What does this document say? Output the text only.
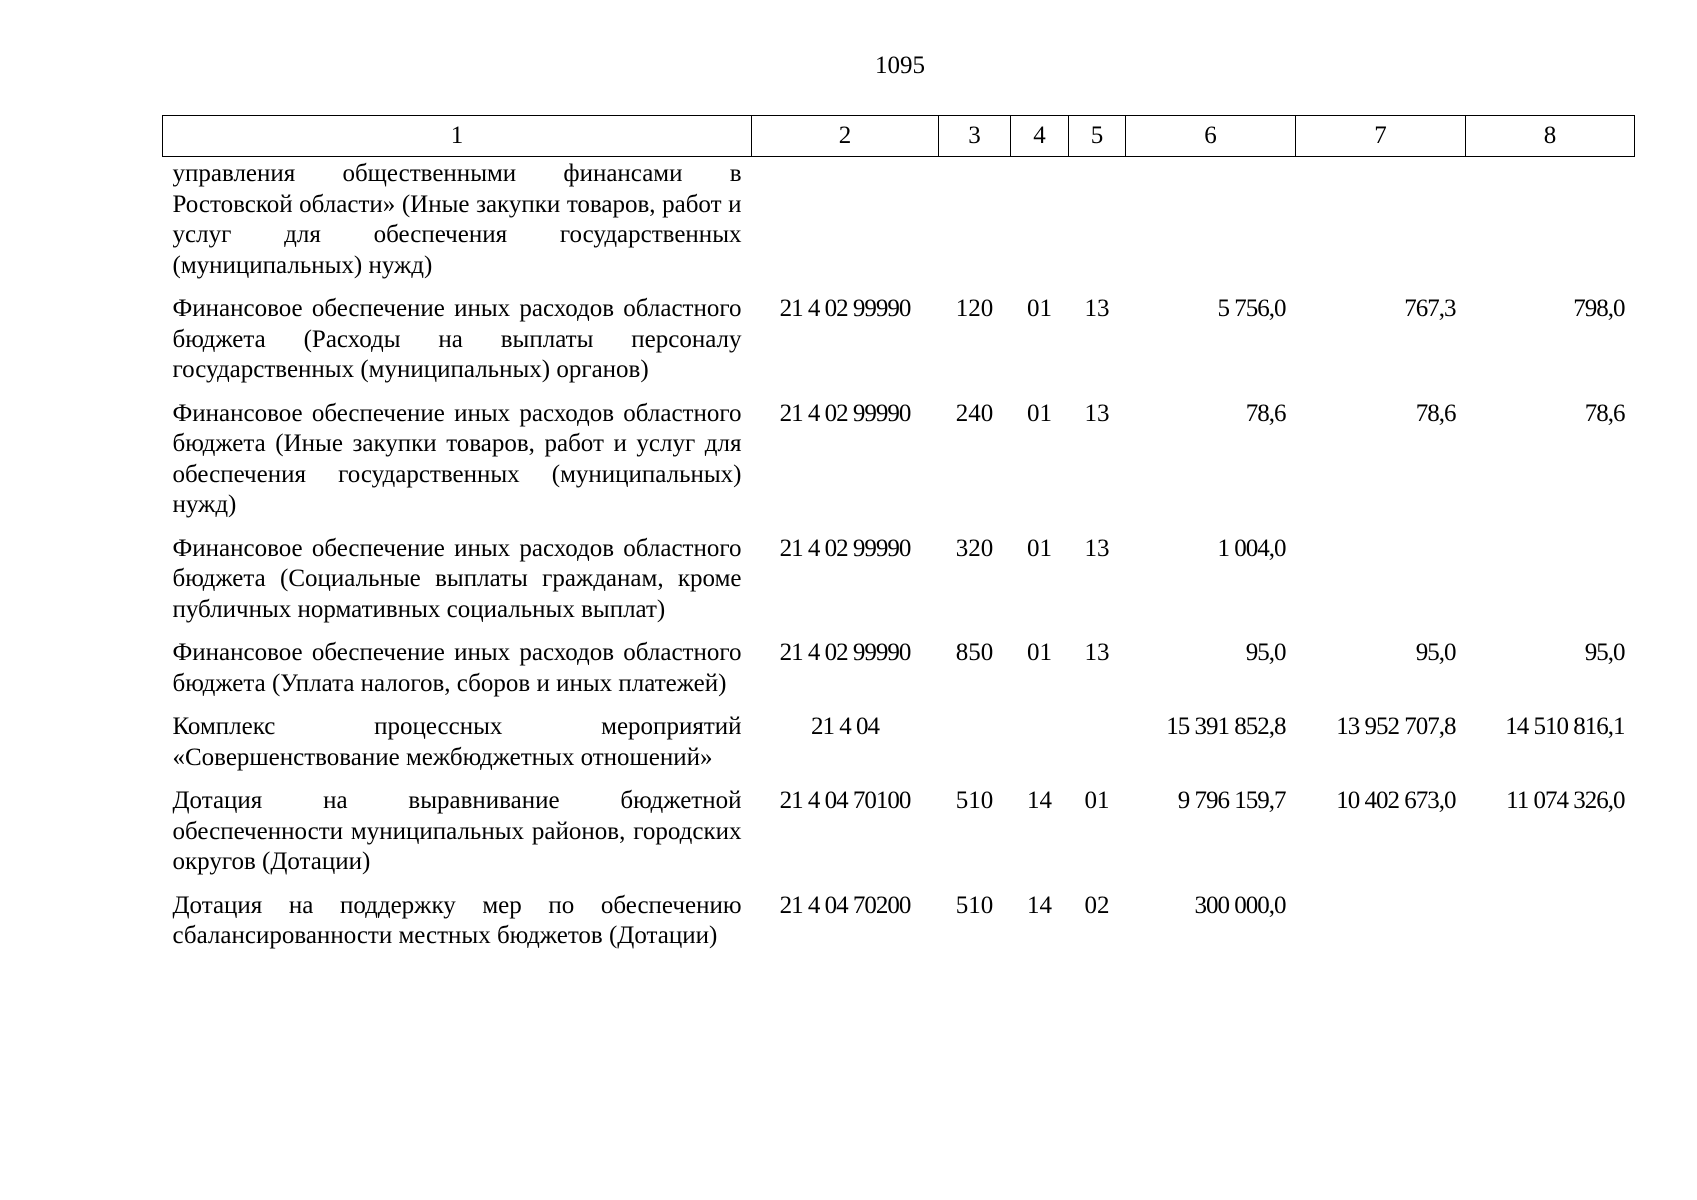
1095
1	2	3	4	5	6	7	8
управления общественными финансами в Ростовской области» (Иные закупки товаров, работ и услуг для обеспечения государственных (муниципальных) нужд)							
Финансовое обеспечение иных расходов областного бюджета (Расходы на выплаты персоналу государственных (муниципальных) органов)	21 4 02 99990	120	01	13	5 756,0	767,3	798,0
Финансовое обеспечение иных расходов областного бюджета (Иные закупки товаров, работ и услуг для обеспечения государственных (муниципальных) нужд)	21 4 02 99990	240	01	13	78,6	78,6	78,6
Финансовое обеспечение иных расходов областного бюджета (Социальные выплаты гражданам, кроме публичных нормативных социальных выплат)	21 4 02 99990	320	01	13	1 004,0		
Финансовое обеспечение иных расходов областного бюджета (Уплата налогов, сборов и иных платежей)	21 4 02 99990	850	01	13	95,0	95,0	95,0
Комплекс процессных мероприятий «Совершенствование межбюджетных отношений»	21 4 04				15 391 852,8	13 952 707,8	14 510 816,1
Дотация на выравнивание бюджетной обеспеченности муниципальных районов, городских округов (Дотации)	21 4 04 70100	510	14	01	9 796 159,7	10 402 673,0	11 074 326,0
Дотация на поддержку мер по обеспечению сбалансированности местных бюджетов (Дотации)	21 4 04 70200	510	14	02	300 000,0		
